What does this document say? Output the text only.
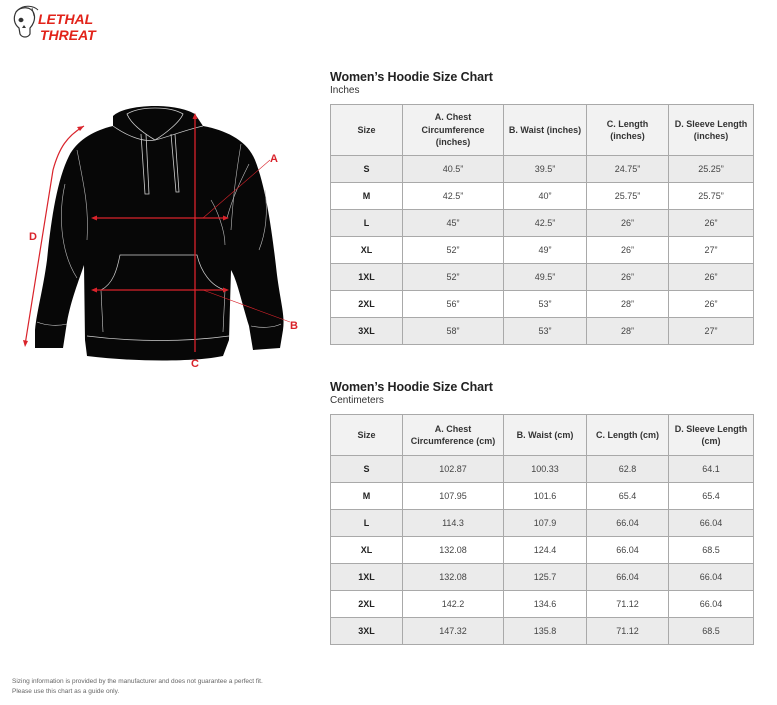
LETHAL
THREAT
A
B
C
D
Women’s Hoodie Size Chart
Inches
Size	A. Chest Circumference (inches)	B. Waist (inches)	C. Length (inches)	D. Sleeve Length (inches)
S	40.5”	39.5”	24.75”	25.25”
M	42.5”	40”	25.75”	25.75”
L	45”	42.5”	26”	26”
XL	52”	49”	26”	27”
1XL	52”	49.5”	26”	26”
2XL	56”	53”	28”	26”
3XL	58”	53”	28”	27”
Women’s Hoodie Size Chart
Centimeters
Size	A. Chest Circumference (cm)	B. Waist (cm)	C. Length (cm)	D. Sleeve Length (cm)
S	102.87	100.33	62.8	64.1
M	107.95	101.6	65.4	65.4
L	114.3	107.9	66.04	66.04
XL	132.08	124.4	66.04	68.5
1XL	132.08	125.7	66.04	66.04
2XL	142.2	134.6	71.12	66.04
3XL	147.32	135.8	71.12	68.5
Sizing information is provided by the manufacturer and does not guarantee a perfect fit.
Please use this chart as a guide only.
